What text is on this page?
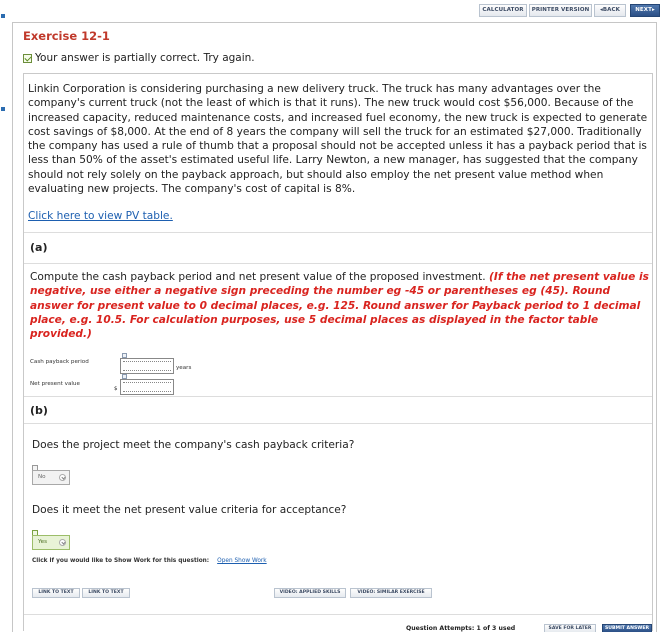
CALCULATOR	PRINTER VERSION	◂BACK	NEXT▸
Exercise 12-1
Your answer is partially correct. Try again.
Linkin Corporation is considering purchasing a new delivery truck. The truck has many advantages over the company's current truck (not the least of which is that it runs). The new truck would cost $56,000. Because of the increased capacity, reduced maintenance costs, and increased fuel economy, the new truck is expected to generate cost savings of $8,000. At the end of 8 years the company will sell the truck for an estimated $27,000. Traditionally the company has used a rule of thumb that a proposal should not be accepted unless it has a payback period that is less than 50% of the asset's estimated useful life. Larry Newton, a new manager, has suggested that the company should not rely solely on the payback approach, but should also employ the net present value method when evaluating new projects. The company's cost of capital is 8%.
Click here to view PV table.
(a)
Compute the cash payback period and net present value of the proposed investment. (If the net present value is negative, use either a negative sign preceding the number eg -45 or parentheses eg (45). Round answer for present value to 0 decimal places, e.g. 125. Round answer for Payback period to 1 decimal place, e.g. 10.5. For calculation purposes, use 5 decimal places as displayed in the factor table provided.)
Cash payback period
years
Net present value
$
(b)
Does the project meet the company's cash payback criteria?
No
Does it meet the net present value criteria for acceptance?
Yes
Click if you would like to Show Work for this question: Open Show Work
LINK TO TEXT	LINK TO TEXT	VIDEO: APPLIED SKILLS	VIDEO: SIMILAR EXERCISE
Question Attempts: 1 of 3 used	SAVE FOR LATER	SUBMIT ANSWER
